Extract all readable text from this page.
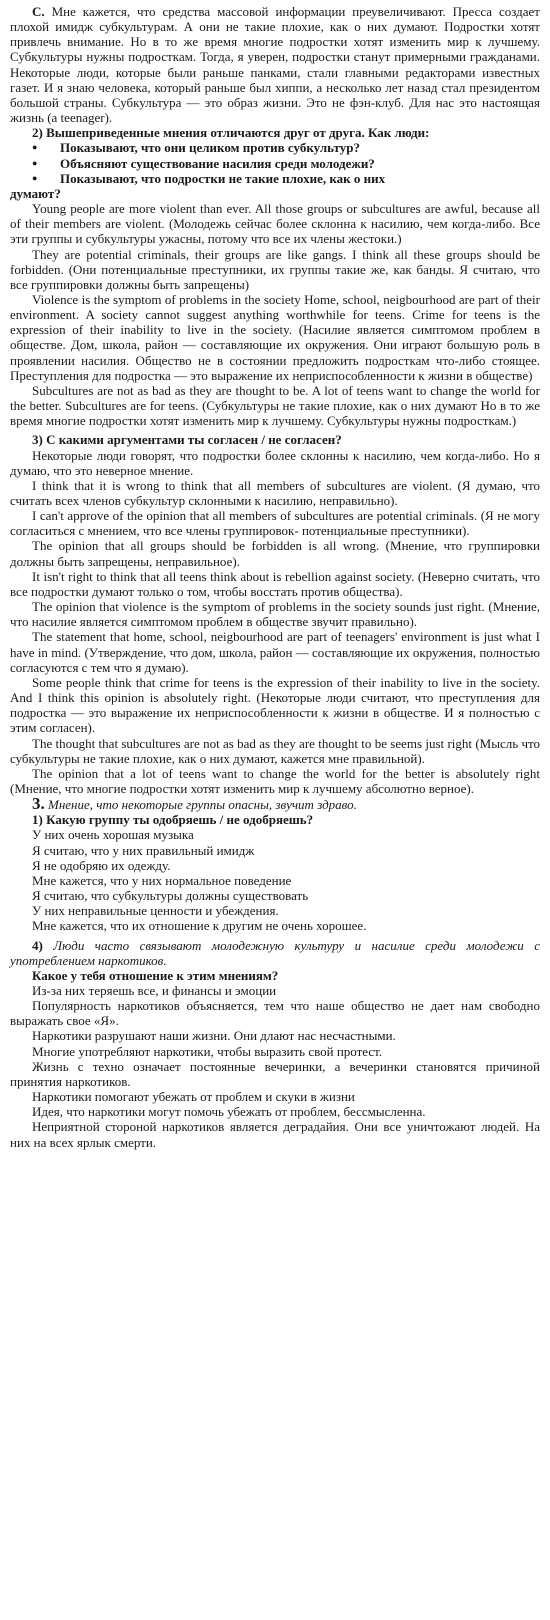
C. Мне кажется, что средства массовой информации преувеличивают. Пресса создает плохой имидж субкультурам. А они не такие плохие, как о них думают. Подростки хотят привлечь внимание. Но в то же время многие подростки хотят изменить мир к лучшему. Субкультуры нужны подросткам. Тогда, я уверен, подростки станут примерными гражданами. Некоторые люди, которые были раньше панками, стали главными редакторами известных газет. И я знаю человека, который раньше был хиппи, а несколько лет назад стал президентом большой страны. Субкультура — это образ жизни. Это не фэн-клуб. Для нас это настоящая жизнь (a teenager).

2) Вышеприведенные мнения отличаются друг от друга. Как люди:

● Показывают, что они целиком против субкультур?
● Объясняют существование насилия среди молодежи?
● Показывают, что подростки не такие плохие, как о них

думают?

Young people are more violent than ever. All those groups or subcultures are awful, because all of their members are violent. (Молодежь сейчас более склонна к насилию, чем когда-либо. Все эти группы и субкультуры ужасны, потому что все их члены жестоки.)

They are potential criminals, their groups are like gangs. I think all these groups should be forbidden. (Они потенциальные преступники, их группы такие же, как банды. Я считаю, что все группировки должны быть запрещены)

Violence is the symptom of problems in the society Home, school, neigbourhood are part of their environment. A society cannot suggest anything worthwhile for teens. Crime for teens is the expression of their inability to live in the society. (Насилие является симптомом проблем в обществе. Дом, школа, район — составляющие их окружения. Они играют большую роль в проявлении насилия. Общество не в состоянии предложить подросткам что-либо стоящее. Преступления для подростка — это выражение их неприспособленности к жизни в обществе)

Subcultures are not as bad as they are thought to be. A lot of teens want to change the world for the better. Subcultures are for teens. (Субкультуры не такие плохие, как о них думают Но в то же время многие подростки хотят изменить мир к лучшему. Субкультуры нужны подросткам.)

3) С какими аргументами ты согласен / не согласен?

Некоторые люди говорят, что подростки более склонны к насилию, чем когда-либо. Но я думаю, что это неверное мнение.

I think that it is wrong to think that all members of subcultures are violent. (Я думаю, что считать всех членов субкультур склонными к насилию, неправильно).

I can't approve of the opinion that all members of subcultures are potential criminals. (Я не могу согласиться с мнением, что все члены группировок- потенциальные преступники).

The opinion that all groups should be forbidden is all wrong. (Мнение, что группировки должны быть запрещены, неправильное).

It isn't right to think that all teens think about is rebellion against society. (Неверно считать, что все подростки думают только о том, чтобы восстать против общества).

The opinion that violence is the symptom of problems in the society sounds just right. (Мнение, что насилие является симптомом проблем в обществе звучит правильно).

The statement that home, school, neigbourhood are part of teenagers' environment is just what I have in mind. (Утверждение, что дом, школа, район — составляющие их окружения, полностью согласуются с тем что я думаю).

Some people think that crime for teens is the expression of their inability to live in the society. And I think this opinion is absolutely right. (Некоторые люди считают, что преступления для подростка — это выражение их неприспособленности к жизни в обществе. И я полностью с этим согласен).

The thought that subcultures are not as bad as they are thought to be seems just right (Мысль что субкультуры не такие плохие, как о них думают, кажется мне правильной).

The opinion that a lot of teens want to change the world for the better is absolutely right (Мнение, что многие подростки хотят изменить мир к лучшему абсолютно верное).

3. Мнение, что некоторые группы опасны, звучит здраво.

1) Какую группу ты одобряешь / не одобряешь?

У них очень хорошая музыка

Я считаю, что у них правильный имидж

Я не одобряю их одежду.

Мне кажется, что у них нормальное поведение

Я считаю, что субкультуры должны существовать

У них неправильные ценности и убеждения.

Мне кажется, что их отношение к другим не очень хорошее.

4) Люди часто связывают молодежную культуру и насилие среди молодежи с употреблением наркотиков.

Какое у тебя отношение к этим мнениям?

Из-за них теряешь все, и финансы и эмоции

Популярность наркотиков объясняется, тем что наше общество не дает нам свободно выражать свое «Я».

Наркотики разрушают наши жизни. Они длают нас несчастными.

Многие употребляют наркотики, чтобы выразить свой протест.

Жизнь с техно означает постоянные вечеринки, а вечеринки становятся причиной принятия наркотиков.

Наркотики помогают убежать от проблем и скуки в жизни

Идея, что наркотики могут помочь убежать от проблем, бессмысленна.

Неприятной стороной наркотиков является деградайия. Они все уничтожают людей. На них на всех ярлык смерти.
